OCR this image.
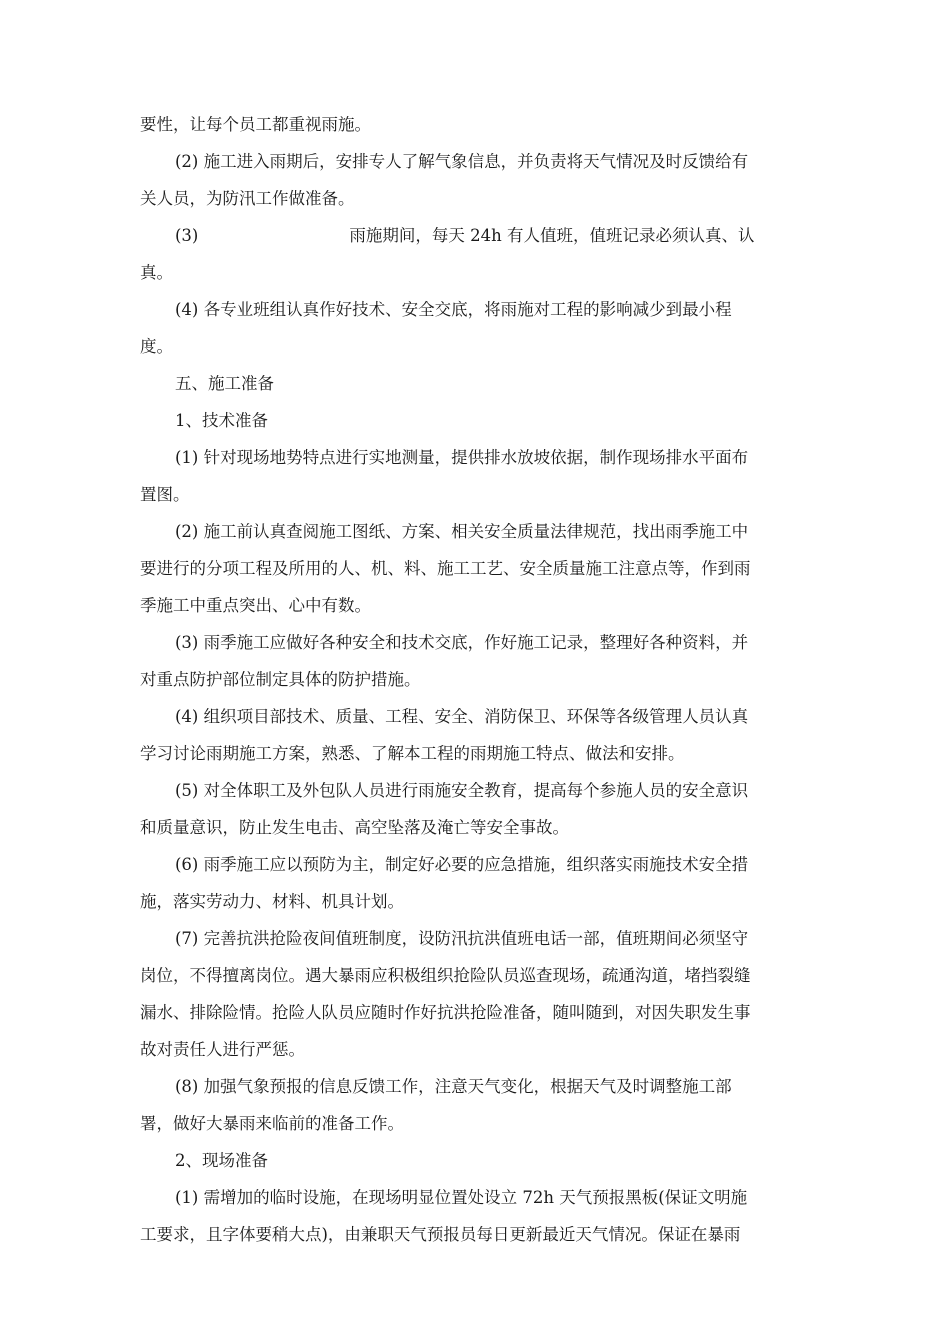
要性，让每个员工都重视雨施。
(2) 施工进入雨期后，安排专人了解气象信息，并负责将天气情况及时反馈给有
关人员，为防汛工作做准备。
(3)	雨施期间，每天 24h 有人值班，值班记录必须认真、认
真。
(4) 各专业班组认真作好技术、安全交底，将雨施对工程的影响减少到最小程
度。
五、施工准备
1、技术准备
(1) 针对现场地势特点进行实地测量，提供排水放坡依据，制作现场排水平面布
置图。
(2) 施工前认真查阅施工图纸、方案、相关安全质量法律规范，找出雨季施工中
要进行的分项工程及所用的人、机、料、施工工艺、安全质量施工注意点等，作到雨
季施工中重点突出、心中有数。
(3) 雨季施工应做好各种安全和技术交底，作好施工记录，整理好各种资料，并
对重点防护部位制定具体的防护措施。
(4) 组织项目部技术、质量、工程、安全、消防保卫、环保等各级管理人员认真
学习讨论雨期施工方案，熟悉、了解本工程的雨期施工特点、做法和安排。
(5) 对全体职工及外包队人员进行雨施安全教育，提高每个参施人员的安全意识
和质量意识，防止发生电击、高空坠落及淹亡等安全事故。
(6) 雨季施工应以预防为主，制定好必要的应急措施，组织落实雨施技术安全措
施，落实劳动力、材料、机具计划。
(7) 完善抗洪抢险夜间值班制度，设防汛抗洪值班电话一部，值班期间必须坚守
岗位，不得擅离岗位。遇大暴雨应积极组织抢险队员巡查现场，疏通沟道，堵挡裂缝
漏水、排除险情。抢险人队员应随时作好抗洪抢险准备，随叫随到，对因失职发生事
故对责任人进行严惩。
(8) 加强气象预报的信息反馈工作，注意天气变化，根据天气及时调整施工部
署，做好大暴雨来临前的准备工作。
2、现场准备
(1) 需增加的临时设施，在现场明显位置处设立 72h 天气预报黑板(保证文明施
工要求，且字体要稍大点)，由兼职天气预报员每日更新最近天气情况。保证在暴雨
